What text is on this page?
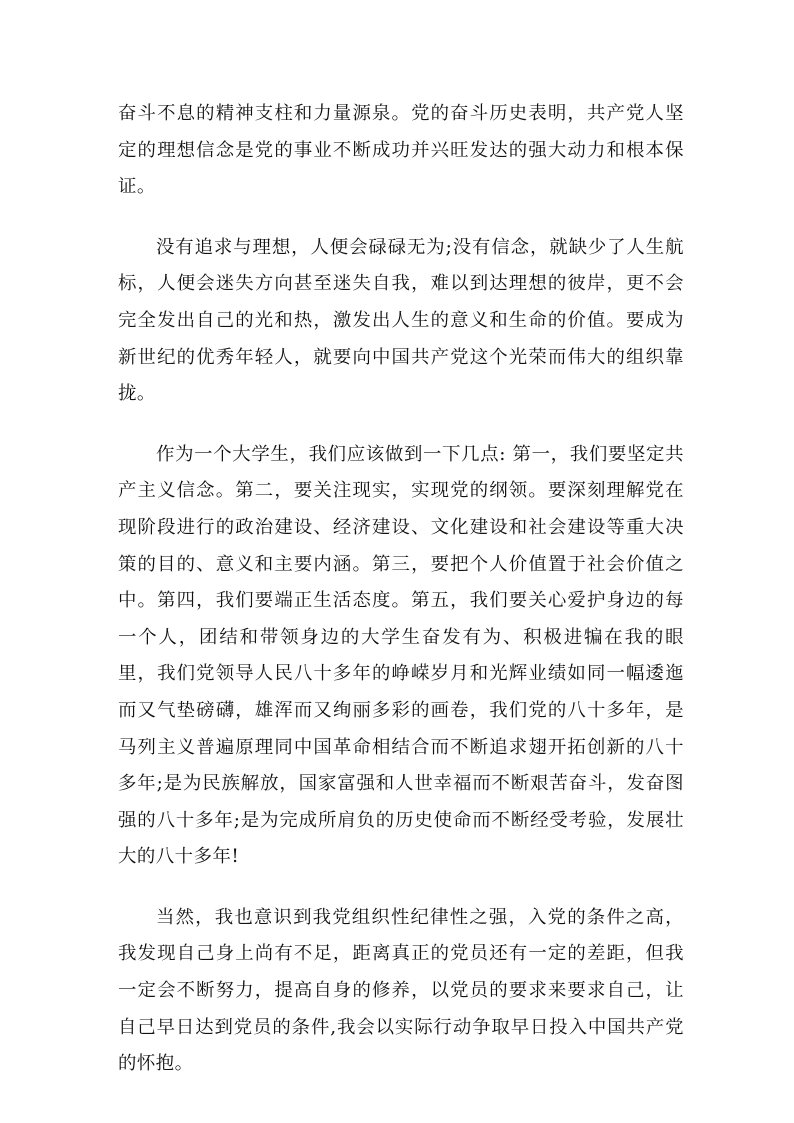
奋斗不息的精神支柱和力量源泉。党的奋斗历史表明，共产党人坚定的理想信念是党的事业不断成功并兴旺发达的强大动力和根本保证。

没有追求与理想，人便会碌碌无为;没有信念，就缺少了人生航标，人便会迷失方向甚至迷失自我，难以到达理想的彼岸，更不会完全发出自己的光和热，激发出人生的意义和生命的价值。要成为新世纪的优秀年轻人，就要向中国共产党这个光荣而伟大的组织靠拢。

作为一个大学生，我们应该做到一下几点: 第一，我们要坚定共产主义信念。第二，要关注现实，实现党的纲领。要深刻理解党在现阶段进行的政治建设、经济建设、文化建设和社会建设等重大决策的目的、意义和主要内涵。第三，要把个人价值置于社会价值之中。第四，我们要端正生活态度。第五，我们要关心爱护身边的每一个人，团结和带领身边的大学生奋发有为、积极进犏在我的眼里，我们党领导人民八十多年的峥嵘岁月和光辉业绩如同一幅逶迤而又气垫磅礴，雄浑而又绚丽多彩的画卷，我们党的八十多年，是马列主义普遍原理同中国革命相结合而不断追求翅开拓创新的八十多年;是为民族解放，国家富强和人世幸福而不断艰苦奋斗，发奋图强的八十多年;是为完成所肩负的历史使命而不断经受考验，发展壮大的八十多年!

当然，我也意识到我党组织性纪律性之强，入党的条件之高，我发现自己身上尚有不足，距离真正的党员还有一定的差距，但我一定会不断努力，提高自身的修养，以党员的要求来要求自己，让自己早日达到党员的条件,我会以实际行动争取早日投入中国共产党的怀抱。
